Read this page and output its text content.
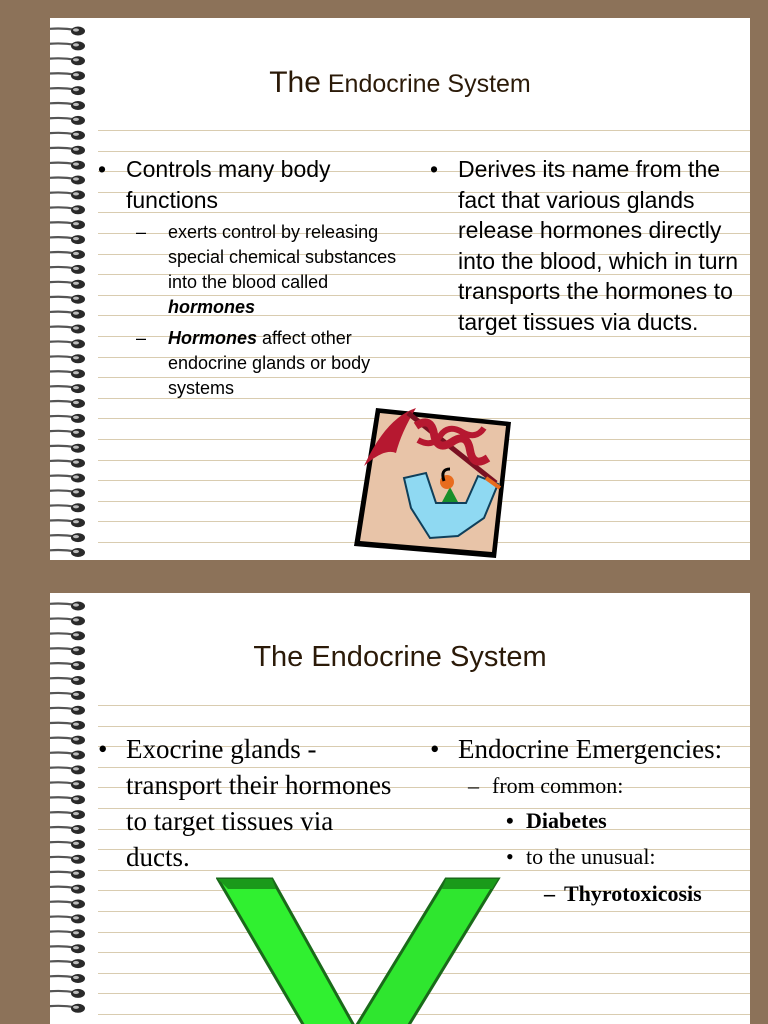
The Endocrine System
• Controls many body functions
– exerts control by releasing special chemical substances into the blood called hormones
– Hormones affect other endocrine glands or body systems
• Derives its name from the fact that various glands release hormones directly into the blood, which in turn transports the hormones to target tissues via ducts.
The Endocrine System
• Exocrine glands - transport their hormones to target tissues via ducts.
• Endocrine Emergencies:
– from common:
• Diabetes
• to the unusual:
– Thyrotoxicosis
